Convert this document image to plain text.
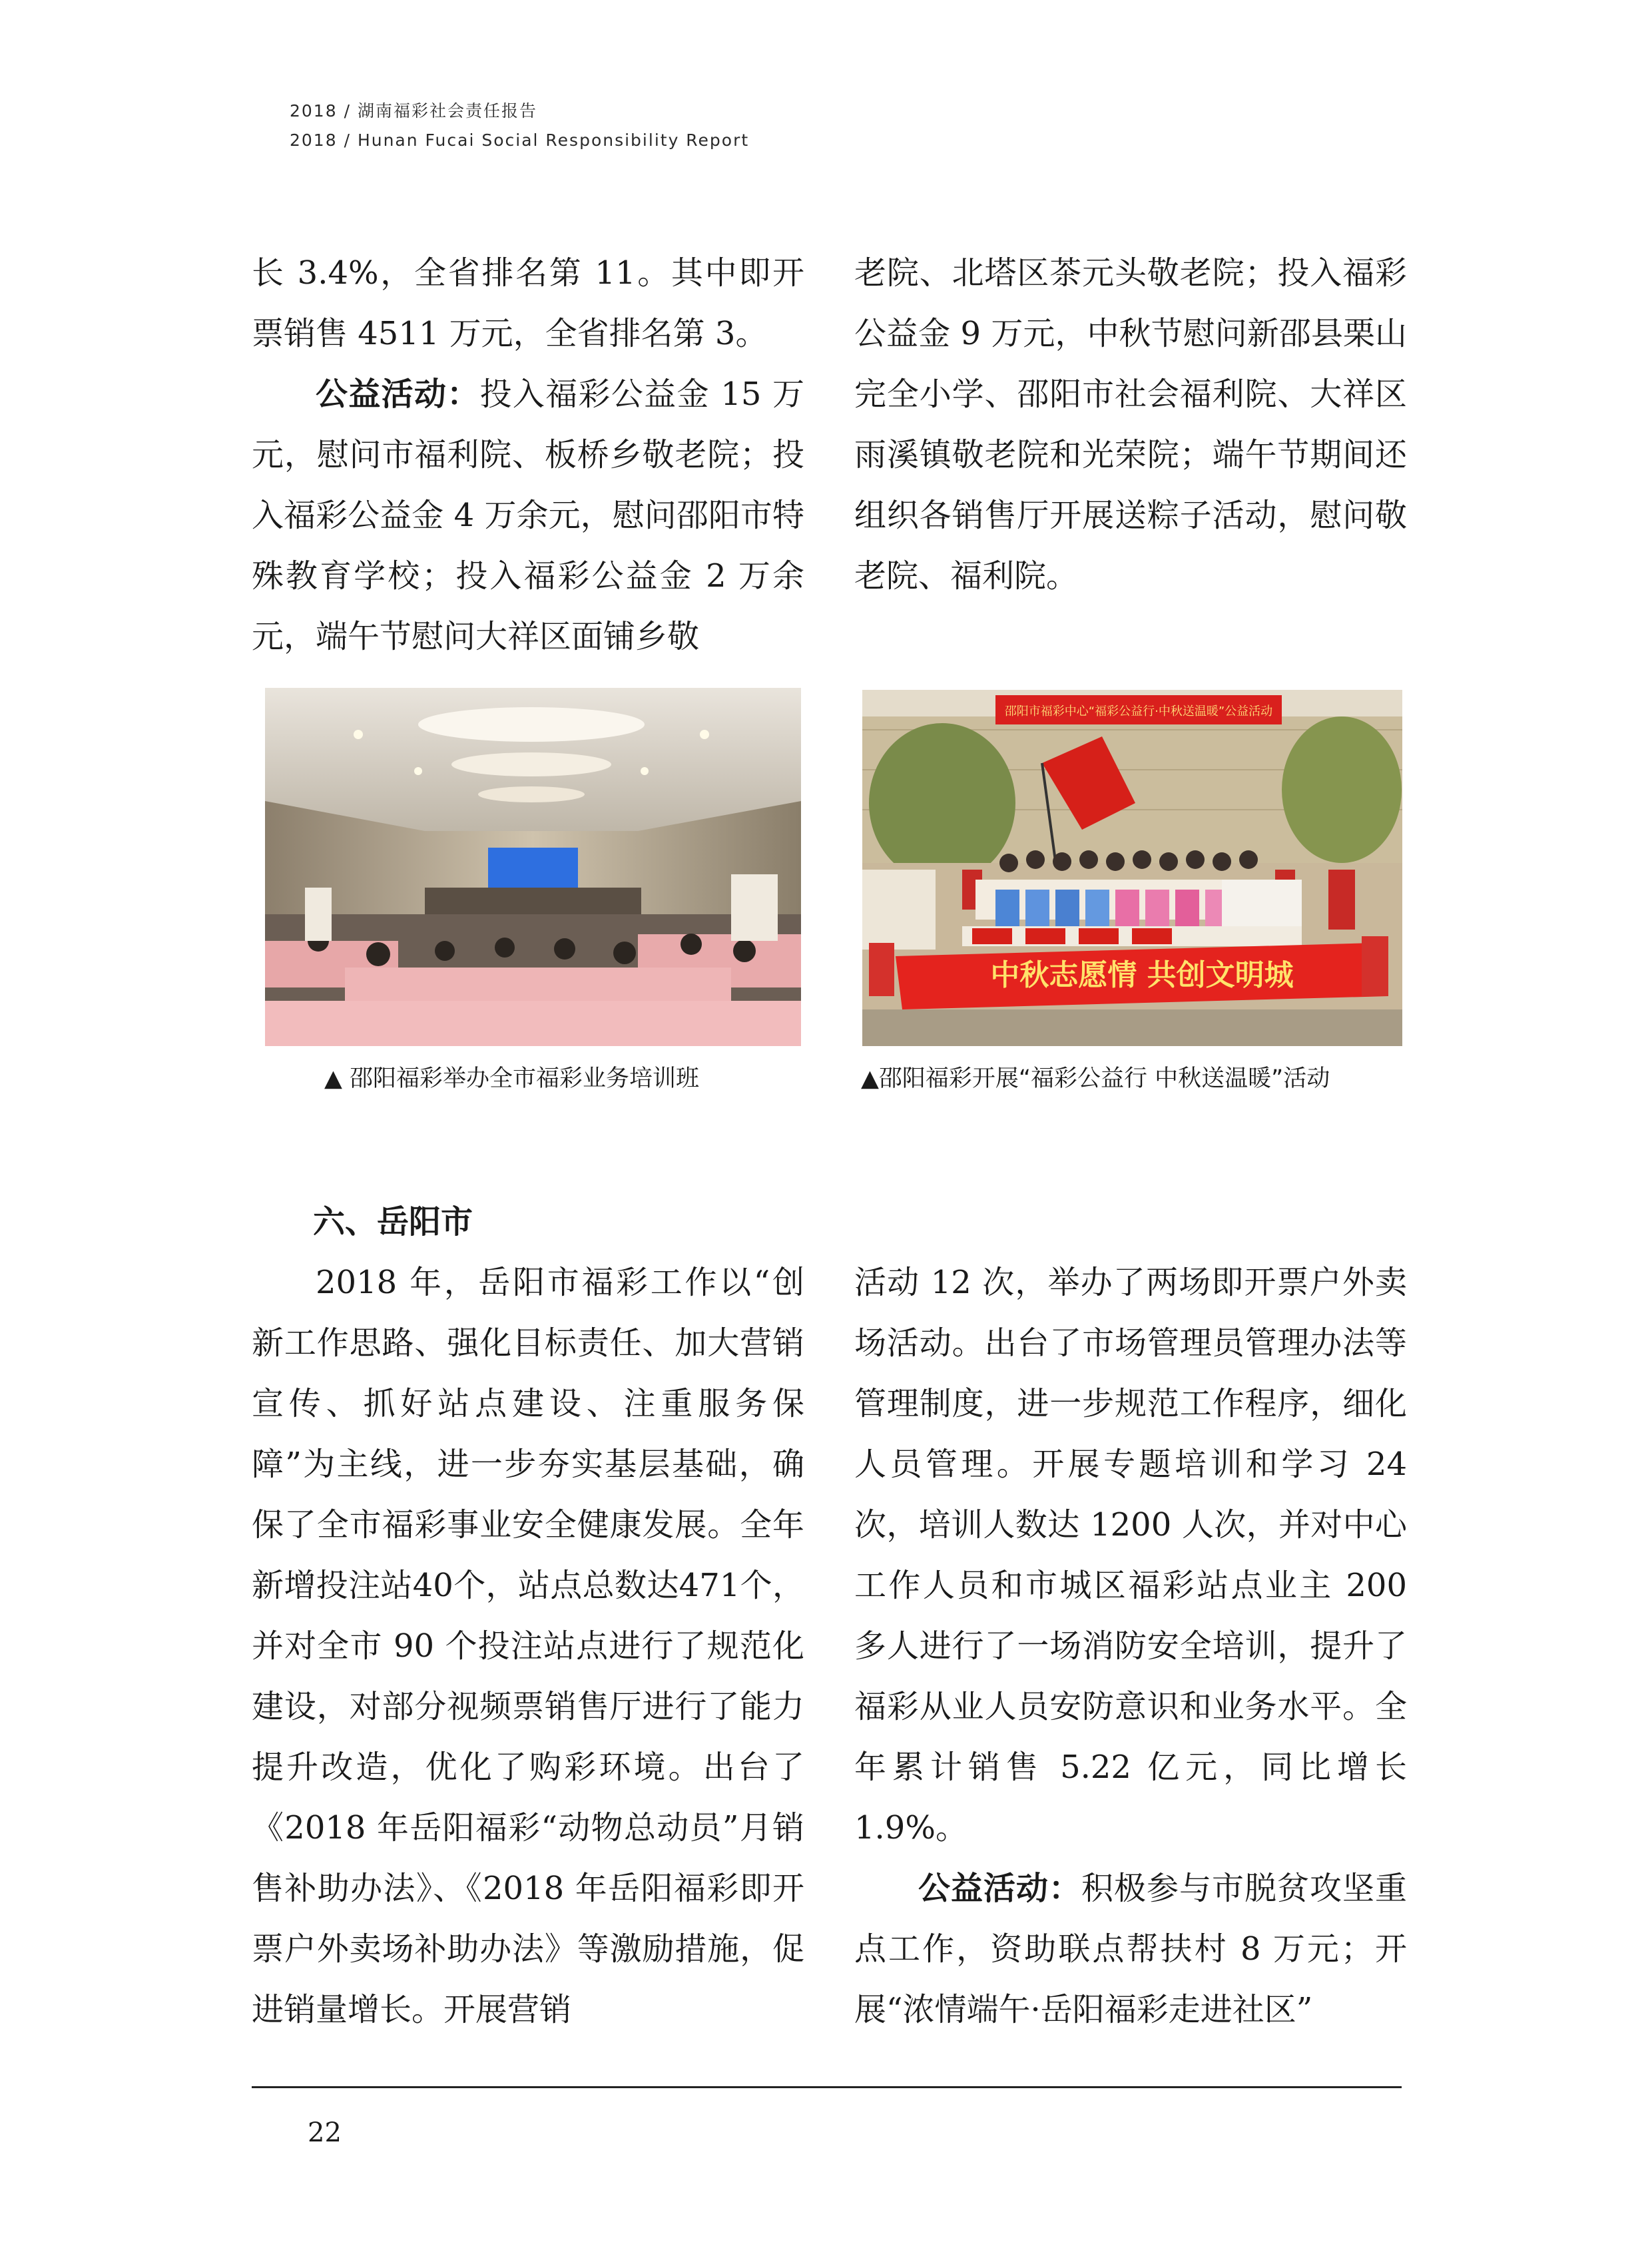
2018 / 湖南福彩社会责任报告
2018 / Hunan Fucai Social Responsibility Report

长 3.4%，全省排名第 11。其中即开票销售 4511 万元，全省排名第 3。

公益活动：投入福彩公益金 15 万元，慰问市福利院、板桥乡敬老院；投入福彩公益金 4 万余元，慰问邵阳市特殊教育学校；投入福彩公益金 2 万余元，端午节慰问大祥区面铺乡敬

老院、北塔区茶元头敬老院；投入福彩公益金 9 万元，中秋节慰问新邵县栗山完全小学、邵阳市社会福利院、大祥区雨溪镇敬老院和光荣院；端午节期间还组织各销售厅开展送粽子活动，慰问敬老院、福利院。

邵阳市福彩中心“福彩公益行·中秋送温暖”公益活动
中秋志愿情 共创文明城
▲ 邵阳福彩举办全市福彩业务培训班	▲邵阳福彩开展“福彩公益行 中秋送温暖”活动
六、岳阳市

2018 年，岳阳市福彩工作以“创新工作思路、强化目标责任、加大营销宣传、抓好站点建设、注重服务保障”为主线，进一步夯实基层基础，确保了全市福彩事业安全健康发展。全年新增投注站40个，站点总数达471个，并对全市 90 个投注站点进行了规范化建设，对部分视频票销售厅进行了能力提升改造，优化了购彩环境。出台了《2018 年岳阳福彩“动物总动员”月销售补助办法》、《2018 年岳阳福彩即开票户外卖场补助办法》等激励措施，促进销量增长。开展营销

活动 12 次，举办了两场即开票户外卖场活动。出台了市场管理员管理办法等管理制度，进一步规范工作程序，细化人员管理。开展专题培训和学习 24 次，培训人数达 1200 人次，并对中心工作人员和市城区福彩站点业主 200 多人进行了一场消防安全培训，提升了福彩从业人员安防意识和业务水平。全年累计销售 5.22 亿元，同比增长 1.9%。

公益活动：积极参与市脱贫攻坚重点工作，资助联点帮扶村 8 万元；开展“浓情端午·岳阳福彩走进社区”

22
